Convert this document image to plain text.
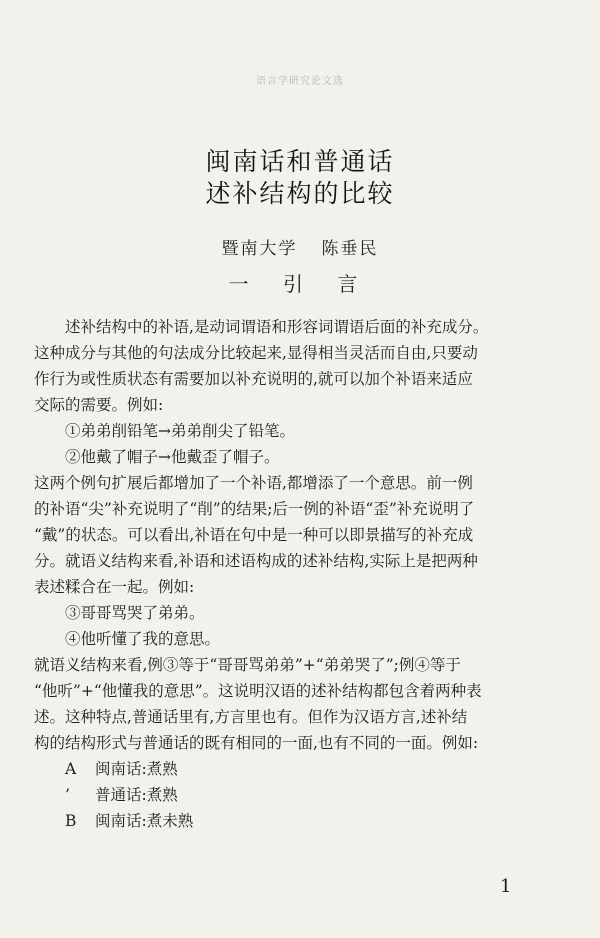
语言学研究论文选
闽南话和普通话
述补结构的比较
暨南大学 陈垂民
一 引 言
述补结构中的补语,是动词谓语和形容词谓语后面的补充成分。
这种成分与其他的句法成分比较起来,显得相当灵活而自由,只要动
作行为或性质状态有需要加以补充说明的,就可以加个补语来适应
交际的需要。例如:
①弟弟削铅笔→弟弟削尖了铅笔。
②他戴了帽子→他戴歪了帽子。
这两个例句扩展后都增加了一个补语,都增添了一个意思。前一例
的补语“尖”补充说明了“削”的结果;后一例的补语“歪”补充说明了
“戴”的状态。可以看出,补语在句中是一种可以即景描写的补充成
分。就语义结构来看,补语和述语构成的述补结构,实际上是把两种
表述糅合在一起。例如:
③哥哥骂哭了弟弟。
④他听懂了我的意思。
就语义结构来看,例③等于“哥哥骂弟弟”+“弟弟哭了”;例④等于
“他听”+“他懂我的意思”。这说明汉语的述补结构都包含着两种表
述。这种特点,普通话里有,方言里也有。但作为汉语方言,述补结
构的结构形式与普通话的既有相同的一面,也有不同的一面。例如:
A	闽南话:煮熟
’	普通话:煮熟
B	闽南话:煮未熟
1
